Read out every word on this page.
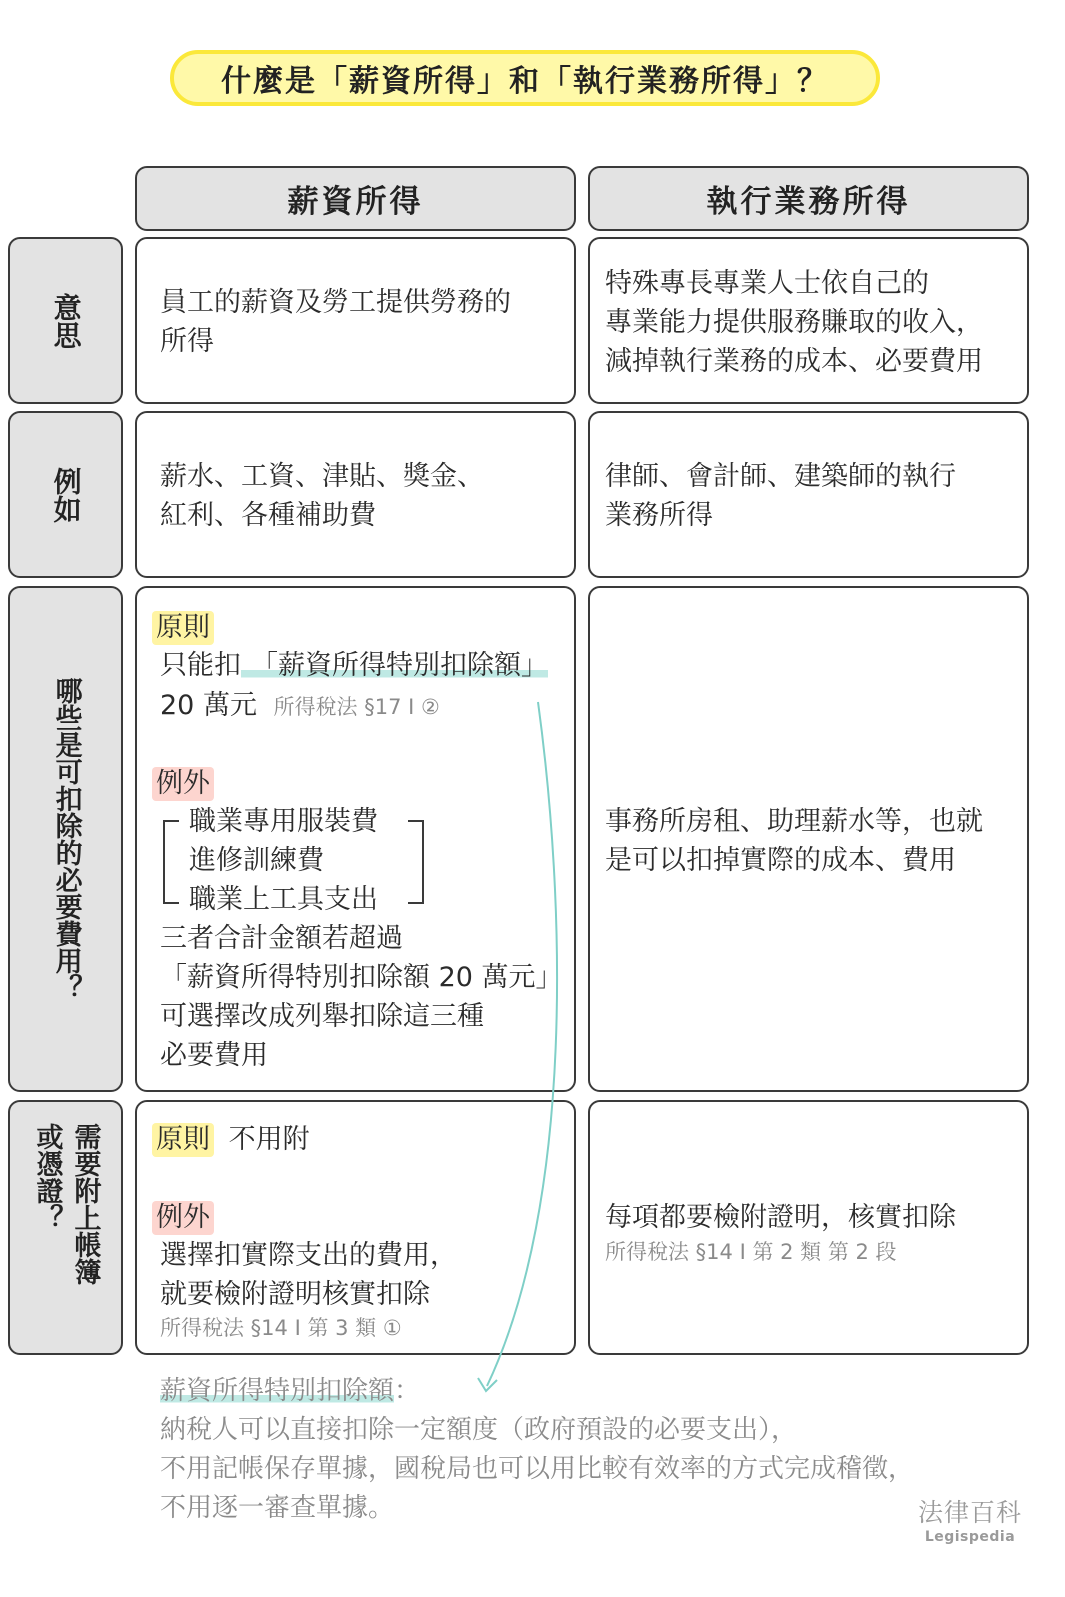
什麼是「薪資所得」和「執行業務所得」？
薪資所得	執行業務所得
意思
例如
哪些是可扣除的必要費用？
需要附上帳簿
或憑證？
員工的薪資及勞工提供勞務的
所得
特殊專長專業人士依自己的
專業能力提供服務賺取的收入，
減掉執行業務的成本、必要費用
薪水、工資、津貼、獎金、
紅利、各種補助費
律師、會計師、建築師的執行
業務所得
原則
只能扣 「薪資所得特別扣除額」
20 萬元 所得稅法 §17 I ②
例外
職業專用服裝費
進修訓練費
職業上工具支出
三者合計金額若超過
「薪資所得特別扣除額 20 萬元」
可選擇改成列舉扣除這三種
必要費用
事務所房租、助理薪水等，也就
是可以扣掉實際的成本、費用
原則 不用附
例外
選擇扣實際支出的費用，
就要檢附證明核實扣除
所得稅法 §14 I 第 3 類 ①
每項都要檢附證明，核實扣除
所得稅法 §14 I 第 2 類 第 2 段
薪資所得特別扣除額：
納稅人可以直接扣除一定額度（政府預設的必要支出），
不用記帳保存單據，國稅局也可以用比較有效率的方式完成稽徵，
不用逐一審查單據。	法律百科
Legispedia
